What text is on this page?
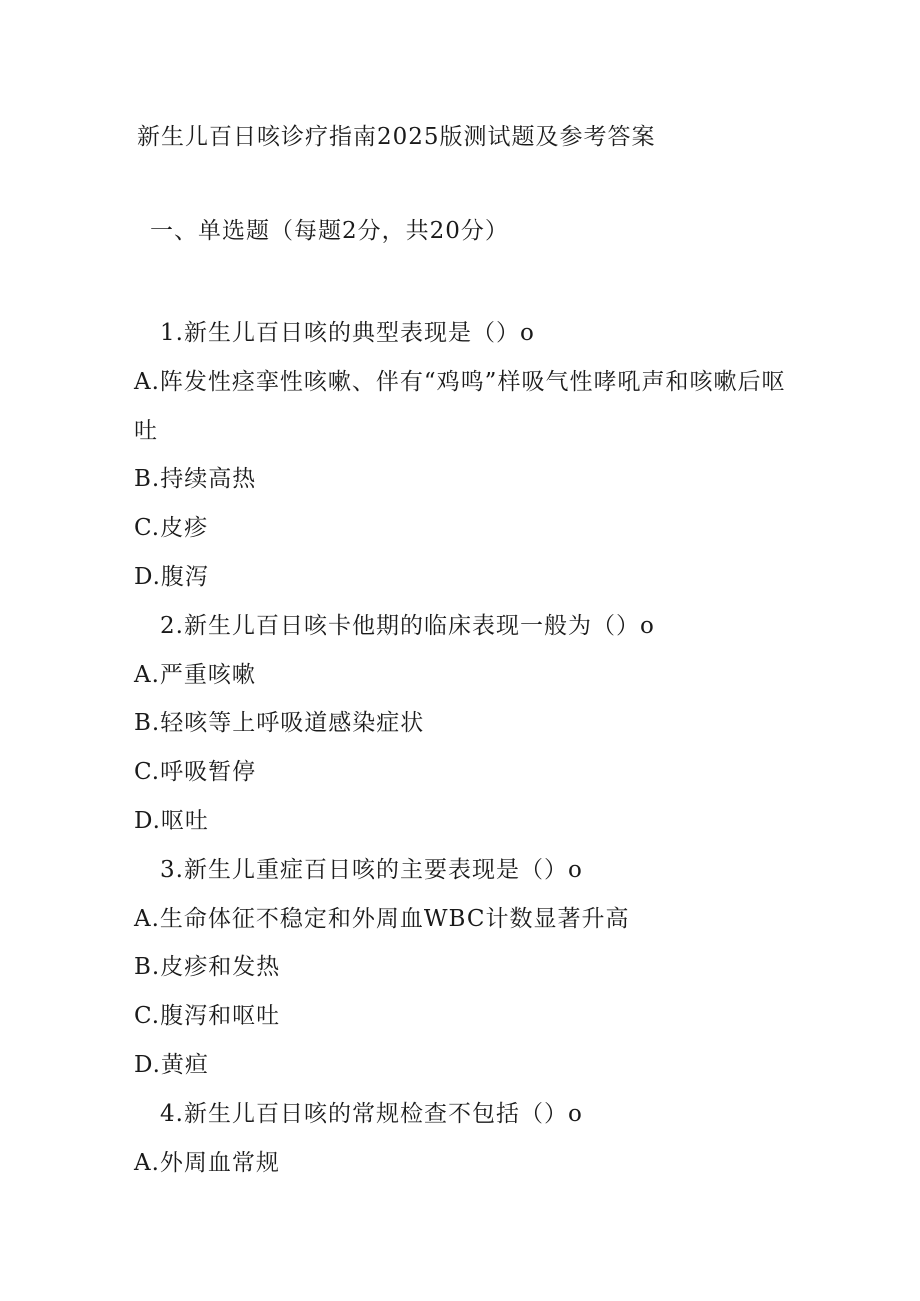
新生儿百日咳诊疗指南2025版测试题及参考答案
一、单选题（每题2分，共20分）
1.新生儿百日咳的典型表现是（）o
A.阵发性痉挛性咳嗽、伴有“鸡鸣”样吸气性哮吼声和咳嗽后呕吐
B.持续高热
C.皮疹
D.腹泻
2.新生儿百日咳卡他期的临床表现一般为（）o
A.严重咳嗽
B.轻咳等上呼吸道感染症状
C.呼吸暂停
D.呕吐
3.新生儿重症百日咳的主要表现是（）o
A.生命体征不稳定和外周血WBC计数显著升高
B.皮疹和发热
C.腹泻和呕吐
D.黄疸
4.新生儿百日咳的常规检查不包括（）o
A.外周血常规
